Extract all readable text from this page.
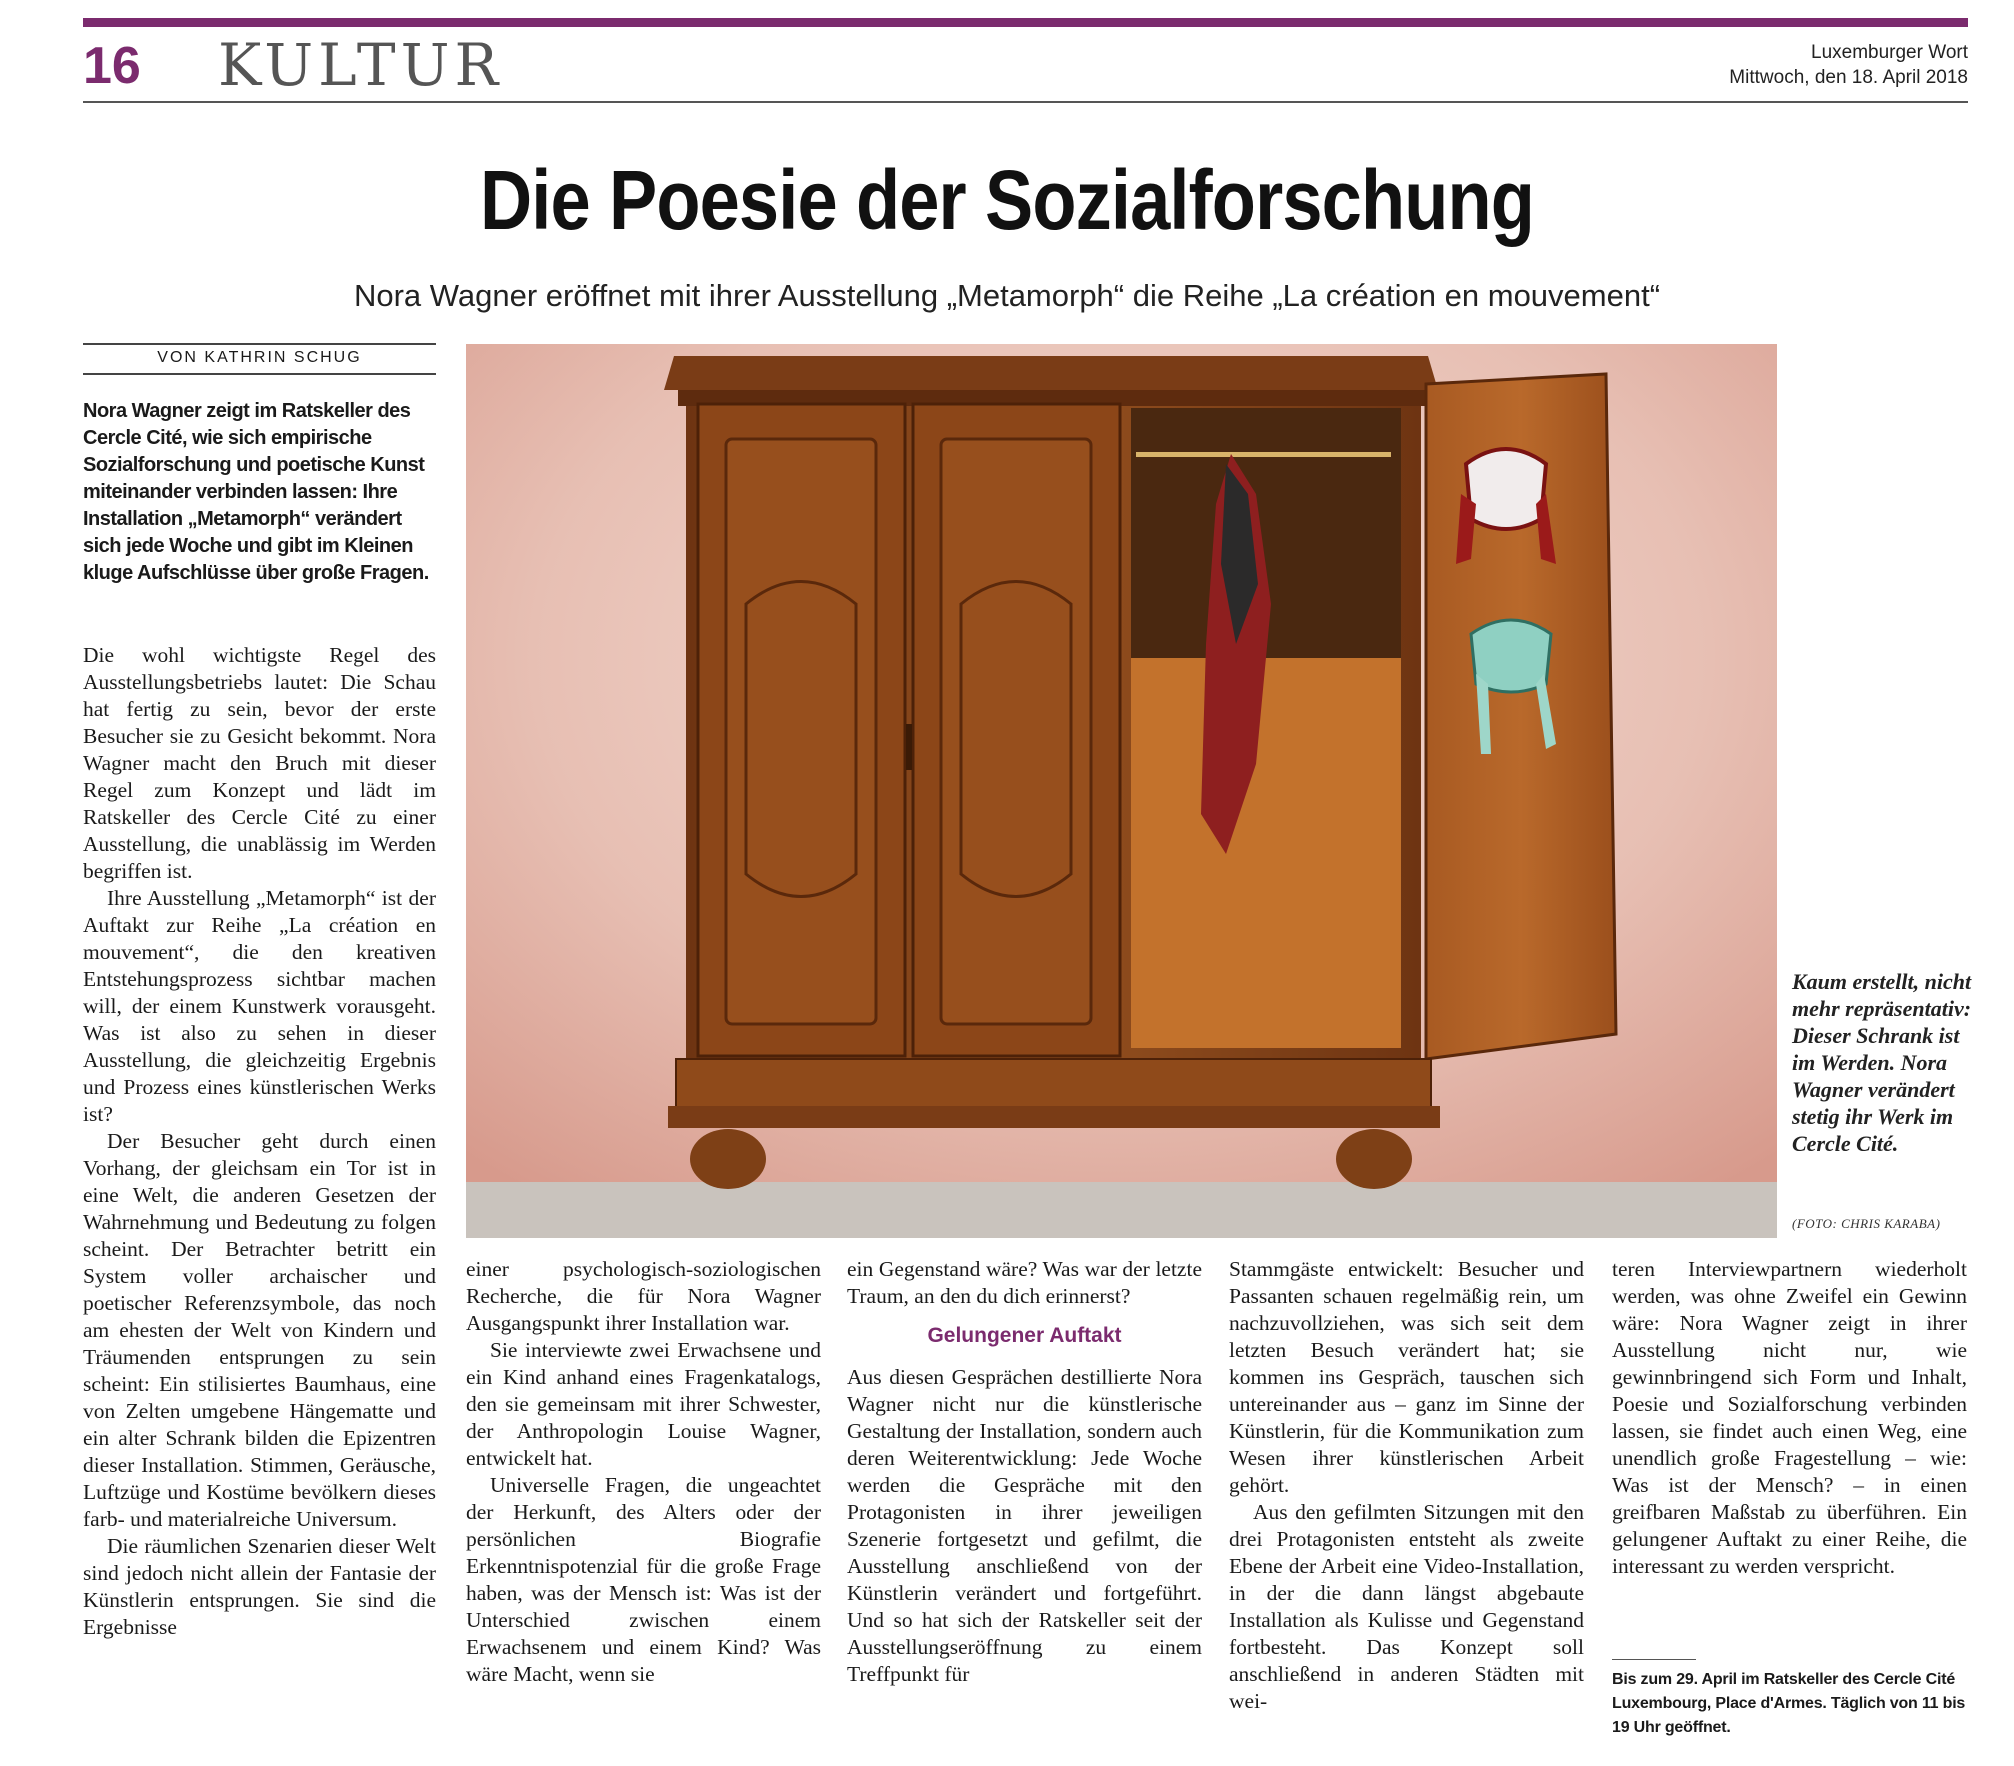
16 KULTUR	Luxemburger Wort
Mittwoch, den 18. April 2018
Die Poesie der Sozialforschung
Nora Wagner eröffnet mit ihrer Ausstellung „Metamorph“ die Reihe „La création en mouvement“
VON KATHRIN SCHUG
Nora Wagner zeigt im Ratskeller des Cercle Cité, wie sich empirische Sozialforschung und poetische Kunst miteinander verbinden lassen: Ihre Installation „Metamorph“ verändert sich jede Woche und gibt im Kleinen kluge Aufschlüsse über große Fragen.

Die wohl wichtigste Regel des Ausstellungsbetriebs lautet: Die Schau hat fertig zu sein, bevor der erste Besucher sie zu Gesicht bekommt. Nora Wagner macht den Bruch mit dieser Regel zum Konzept und lädt im Ratskeller des Cercle Cité zu einer Ausstellung, die unablässig im Werden begriffen ist.

Ihre Ausstellung „Metamorph“ ist der Auftakt zur Reihe „La création en mouvement“, die den kreativen Entstehungsprozess sichtbar machen will, der einem Kunstwerk vorausgeht. Was ist also zu sehen in dieser Ausstellung, die gleichzeitig Ergebnis und Prozess eines künstlerischen Werks ist?

Der Besucher geht durch einen Vorhang, der gleichsam ein Tor ist in eine Welt, die anderen Gesetzen der Wahrnehmung und Bedeutung zu folgen scheint. Der Betrachter betritt ein System voller archaischer und poetischer Referenzsymbole, das noch am ehesten der Welt von Kindern und Träumenden entsprungen zu sein scheint: Ein stilisiertes Baumhaus, eine von Zelten umgebene Hängematte und ein alter Schrank bilden die Epizentren dieser Installation. Stimmen, Geräusche, Luftzüge und Kostüme bevölkern dieses farb- und materialreiche Universum.

Die räumlichen Szenarien dieser Welt sind jedoch nicht allein der Fantasie der Künstlerin entsprungen. Sie sind die Ergebnisse

Kaum erstellt, nicht mehr repräsentativ: Dieser Schrank ist im Werden. Nora Wagner verändert stetig ihr Werk im Cercle Cité.
(FOTO: CHRIS KARABA)

einer psychologisch-soziologischen Recherche, die für Nora Wagner Ausgangspunkt ihrer Installation war.

Sie interviewte zwei Erwachsene und ein Kind anhand eines Fragenkatalogs, den sie gemeinsam mit ihrer Schwester, der Anthropologin Louise Wagner, entwickelt hat.

Universelle Fragen, die ungeachtet der Herkunft, des Alters oder der persönlichen Biografie Erkenntnispotenzial für die große Frage haben, was der Mensch ist: Was ist der Unterschied zwischen einem Erwachsenem und einem Kind? Was wäre Macht, wenn sie

ein Gegenstand wäre? Was war der letzte Traum, an den du dich erinnerst?

Gelungener Auftakt

Aus diesen Gesprächen destillierte Nora Wagner nicht nur die künstlerische Gestaltung der Installation, sondern auch deren Weiterentwicklung: Jede Woche werden die Gespräche mit den Protagonisten in ihrer jeweiligen Szenerie fortgesetzt und gefilmt, die Ausstellung anschließend von der Künstlerin verändert und fortgeführt. Und so hat sich der Ratskeller seit der Ausstellungseröffnung zu einem Treffpunkt für

Stammgäste entwickelt: Besucher und Passanten schauen regelmäßig rein, um nachzuvollziehen, was sich seit dem letzten Besuch verändert hat; sie kommen ins Gespräch, tauschen sich untereinander aus – ganz im Sinne der Künstlerin, für die Kommunikation zum Wesen ihrer künstlerischen Arbeit gehört.

Aus den gefilmten Sitzungen mit den drei Protagonisten entsteht als zweite Ebene der Arbeit eine Video-Installation, in der die dann längst abgebaute Installation als Kulisse und Gegenstand fortbesteht. Das Konzept soll anschließend in anderen Städten mit wei-

teren Interviewpartnern wiederholt werden, was ohne Zweifel ein Gewinn wäre: Nora Wagner zeigt in ihrer Ausstellung nicht nur, wie gewinnbringend sich Form und Inhalt, Poesie und Sozialforschung verbinden lassen, sie findet auch einen Weg, eine unendlich große Fragestellung – wie: Was ist der Mensch? – in einen greifbaren Maßstab zu überführen. Ein gelungener Auftakt zu einer Reihe, die interessant zu werden verspricht.

Bis zum 29. April im Ratskeller des Cercle Cité Luxembourg, Place d'Armes. Täglich von 11 bis 19 Uhr geöffnet.
